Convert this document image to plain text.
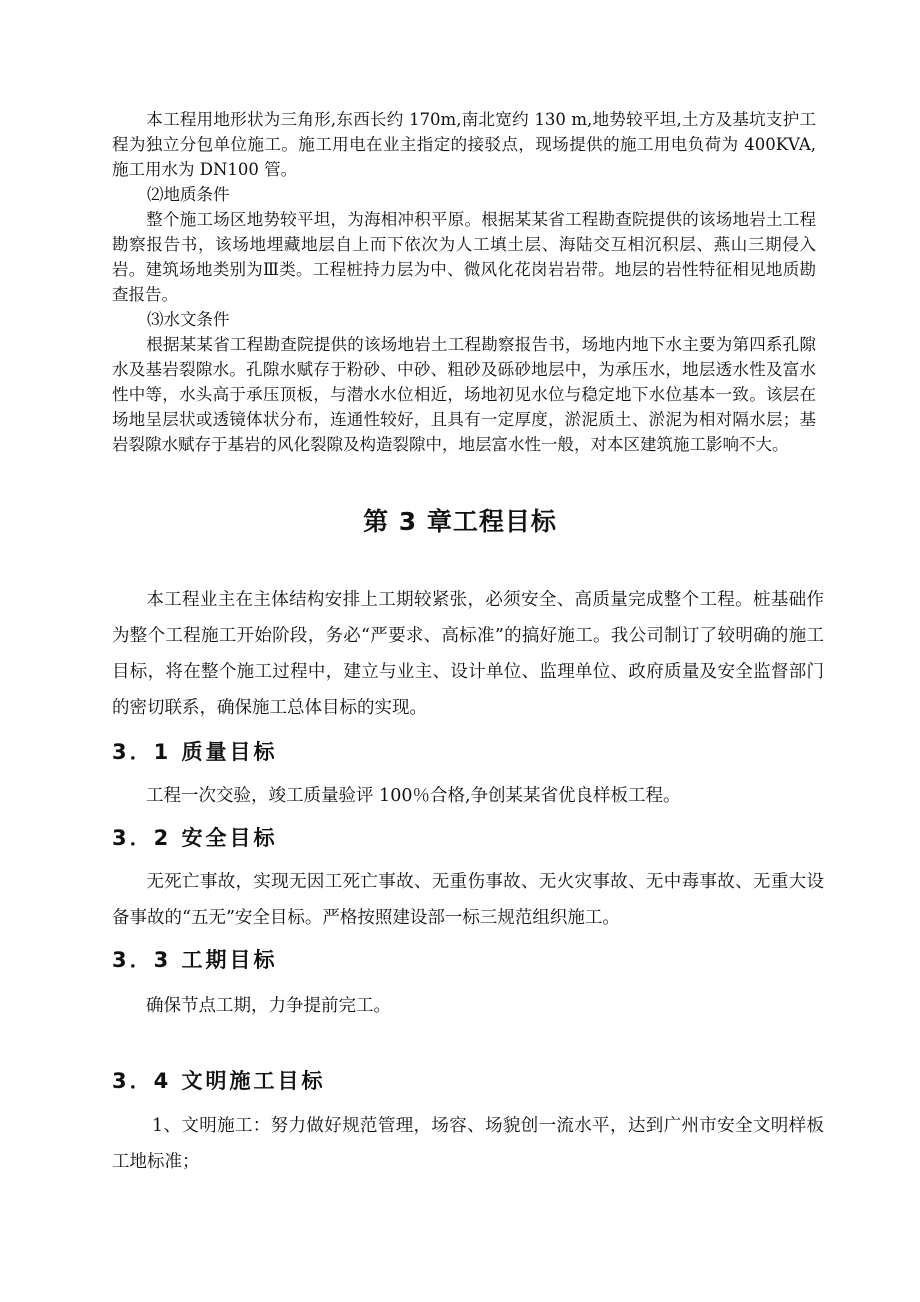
本工程用地形状为三角形,东西长约 170m,南北宽约 130 m,地势较平坦,土方及基坑支护工程为独立分包单位施工。施工用电在业主指定的接驳点，现场提供的施工用电负荷为 400KVA,施工用水为 DN100 管。

⑵地质条件

整个施工场区地势较平坦，为海相冲积平原。根据某某省工程勘查院提供的该场地岩土工程勘察报告书，该场地埋藏地层自上而下依次为人工填土层、海陆交互相沉积层、燕山三期侵入岩。建筑场地类别为Ⅲ类。工程桩持力层为中、微风化花岗岩岩带。地层的岩性特征相见地质勘查报告。

⑶水文条件

根据某某省工程勘查院提供的该场地岩土工程勘察报告书，场地内地下水主要为第四系孔隙水及基岩裂隙水。孔隙水赋存于粉砂、中砂、粗砂及砾砂地层中，为承压水，地层透水性及富水性中等，水头高于承压顶板，与潜水水位相近，场地初见水位与稳定地下水位基本一致。该层在场地呈层状或透镜体状分布，连通性较好，且具有一定厚度，淤泥质土、淤泥为相对隔水层；基岩裂隙水赋存于基岩的风化裂隙及构造裂隙中，地层富水性一般，对本区建筑施工影响不大。

第 3 章工程目标

本工程业主在主体结构安排上工期较紧张，必须安全、高质量完成整个工程。桩基础作为整个工程施工开始阶段，务必“严要求、高标准”的搞好施工。我公司制订了较明确的施工目标，将在整个施工过程中，建立与业主、设计单位、监理单位、政府质量及安全监督部门的密切联系，确保施工总体目标的实现。

3．1 质量目标

工程一次交验，竣工质量验评 100％合格,争创某某省优良样板工程。

3．2 安全目标

无死亡事故，实现无因工死亡事故、无重伤事故、无火灾事故、无中毒事故、无重大设备事故的“五无”安全目标。严格按照建设部一标三规范组织施工。

3．3 工期目标

确保节点工期，力争提前完工。

3．4 文明施工目标

1、文明施工：努力做好规范管理，场容、场貌创一流水平，达到广州市安全文明样板工地标准；
